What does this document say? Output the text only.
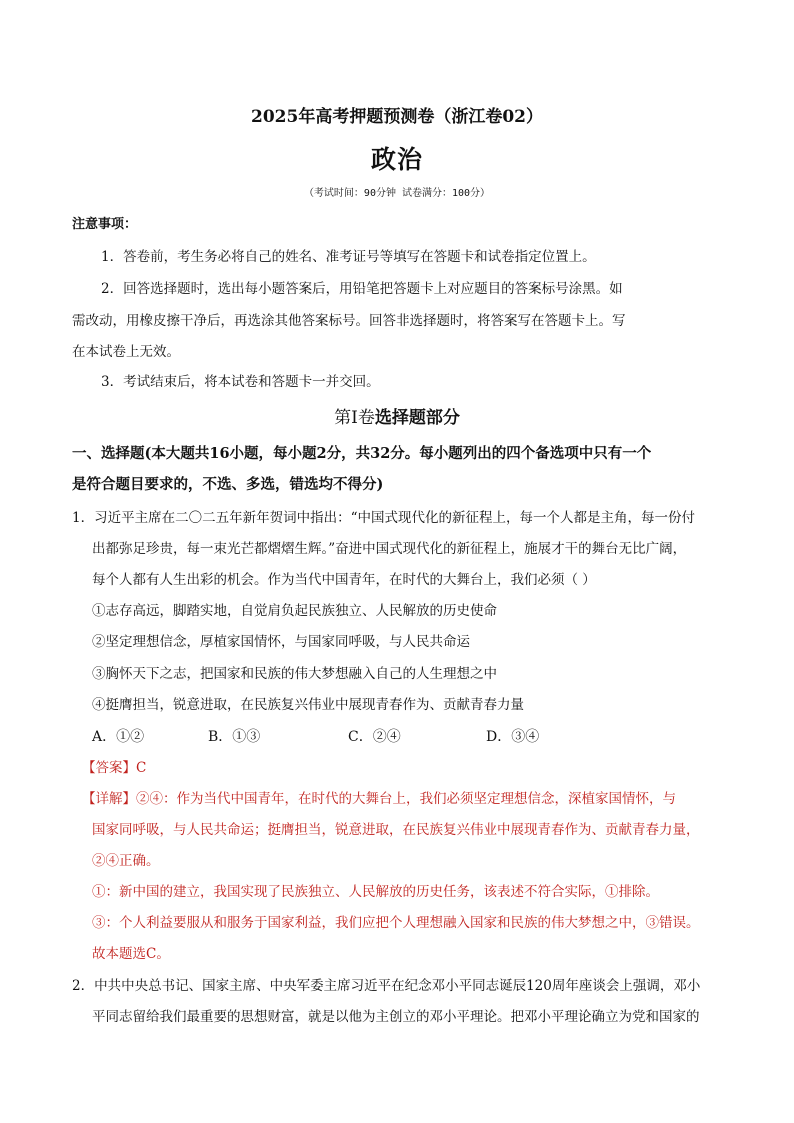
2025年高考押题预测卷（浙江卷02）
政治
（考试时间：90分钟 试卷满分：100分）
注意事项：
1．答卷前，考生务必将自己的姓名、准考证号等填写在答题卡和试卷指定位置上。
2．回答选择题时，选出每小题答案后，用铅笔把答题卡上对应题目的答案标号涂黑。如
需改动，用橡皮擦干净后，再选涂其他答案标号。回答非选择题时，将答案写在答题卡上。写
在本试卷上无效。
3．考试结束后，将本试卷和答题卡一并交回。
第Ⅰ卷选择题部分
一、选择题(本大题共16小题，每小题2分，共32分。每小题列出的四个备选项中只有一个
是符合题目要求的，不选、多选，错选均不得分)
1．习近平主席在二〇二五年新年贺词中指出：“中国式现代化的新征程上，每一个人都是主角，每一份付
出都弥足珍贵，每一束光芒都熠熠生辉。”奋进中国式现代化的新征程上，施展才干的舞台无比广阔，
每个人都有人生出彩的机会。作为当代中国青年，在时代的大舞台上，我们必须（ ）
①志存高远，脚踏实地，自觉肩负起民族独立、人民解放的历史使命
②坚定理想信念，厚植家国情怀，与国家同呼吸，与人民共命运
③胸怀天下之志，把国家和民族的伟大梦想融入自己的人生理想之中
④挺膺担当，锐意进取，在民族复兴伟业中展现青春作为、贡献青春力量
A．①②	B．①③	C．②④	D．③④
【答案】C
【详解】②④：作为当代中国青年，在时代的大舞台上，我们必须坚定理想信念，深植家国情怀，与
国家同呼吸，与人民共命运；挺膺担当，锐意进取，在民族复兴伟业中展现青春作为、贡献青春力量，
②④正确。
①：新中国的建立，我国实现了民族独立、人民解放的历史任务，该表述不符合实际，①排除。
③：个人利益要服从和服务于国家利益，我们应把个人理想融入国家和民族的伟大梦想之中，③错误。
故本题选C。
2．中共中央总书记、国家主席、中央军委主席习近平在纪念邓小平同志诞辰120周年座谈会上强调，邓小
平同志留给我们最重要的思想财富，就是以他为主创立的邓小平理论。把邓小平理论确立为党和国家的
